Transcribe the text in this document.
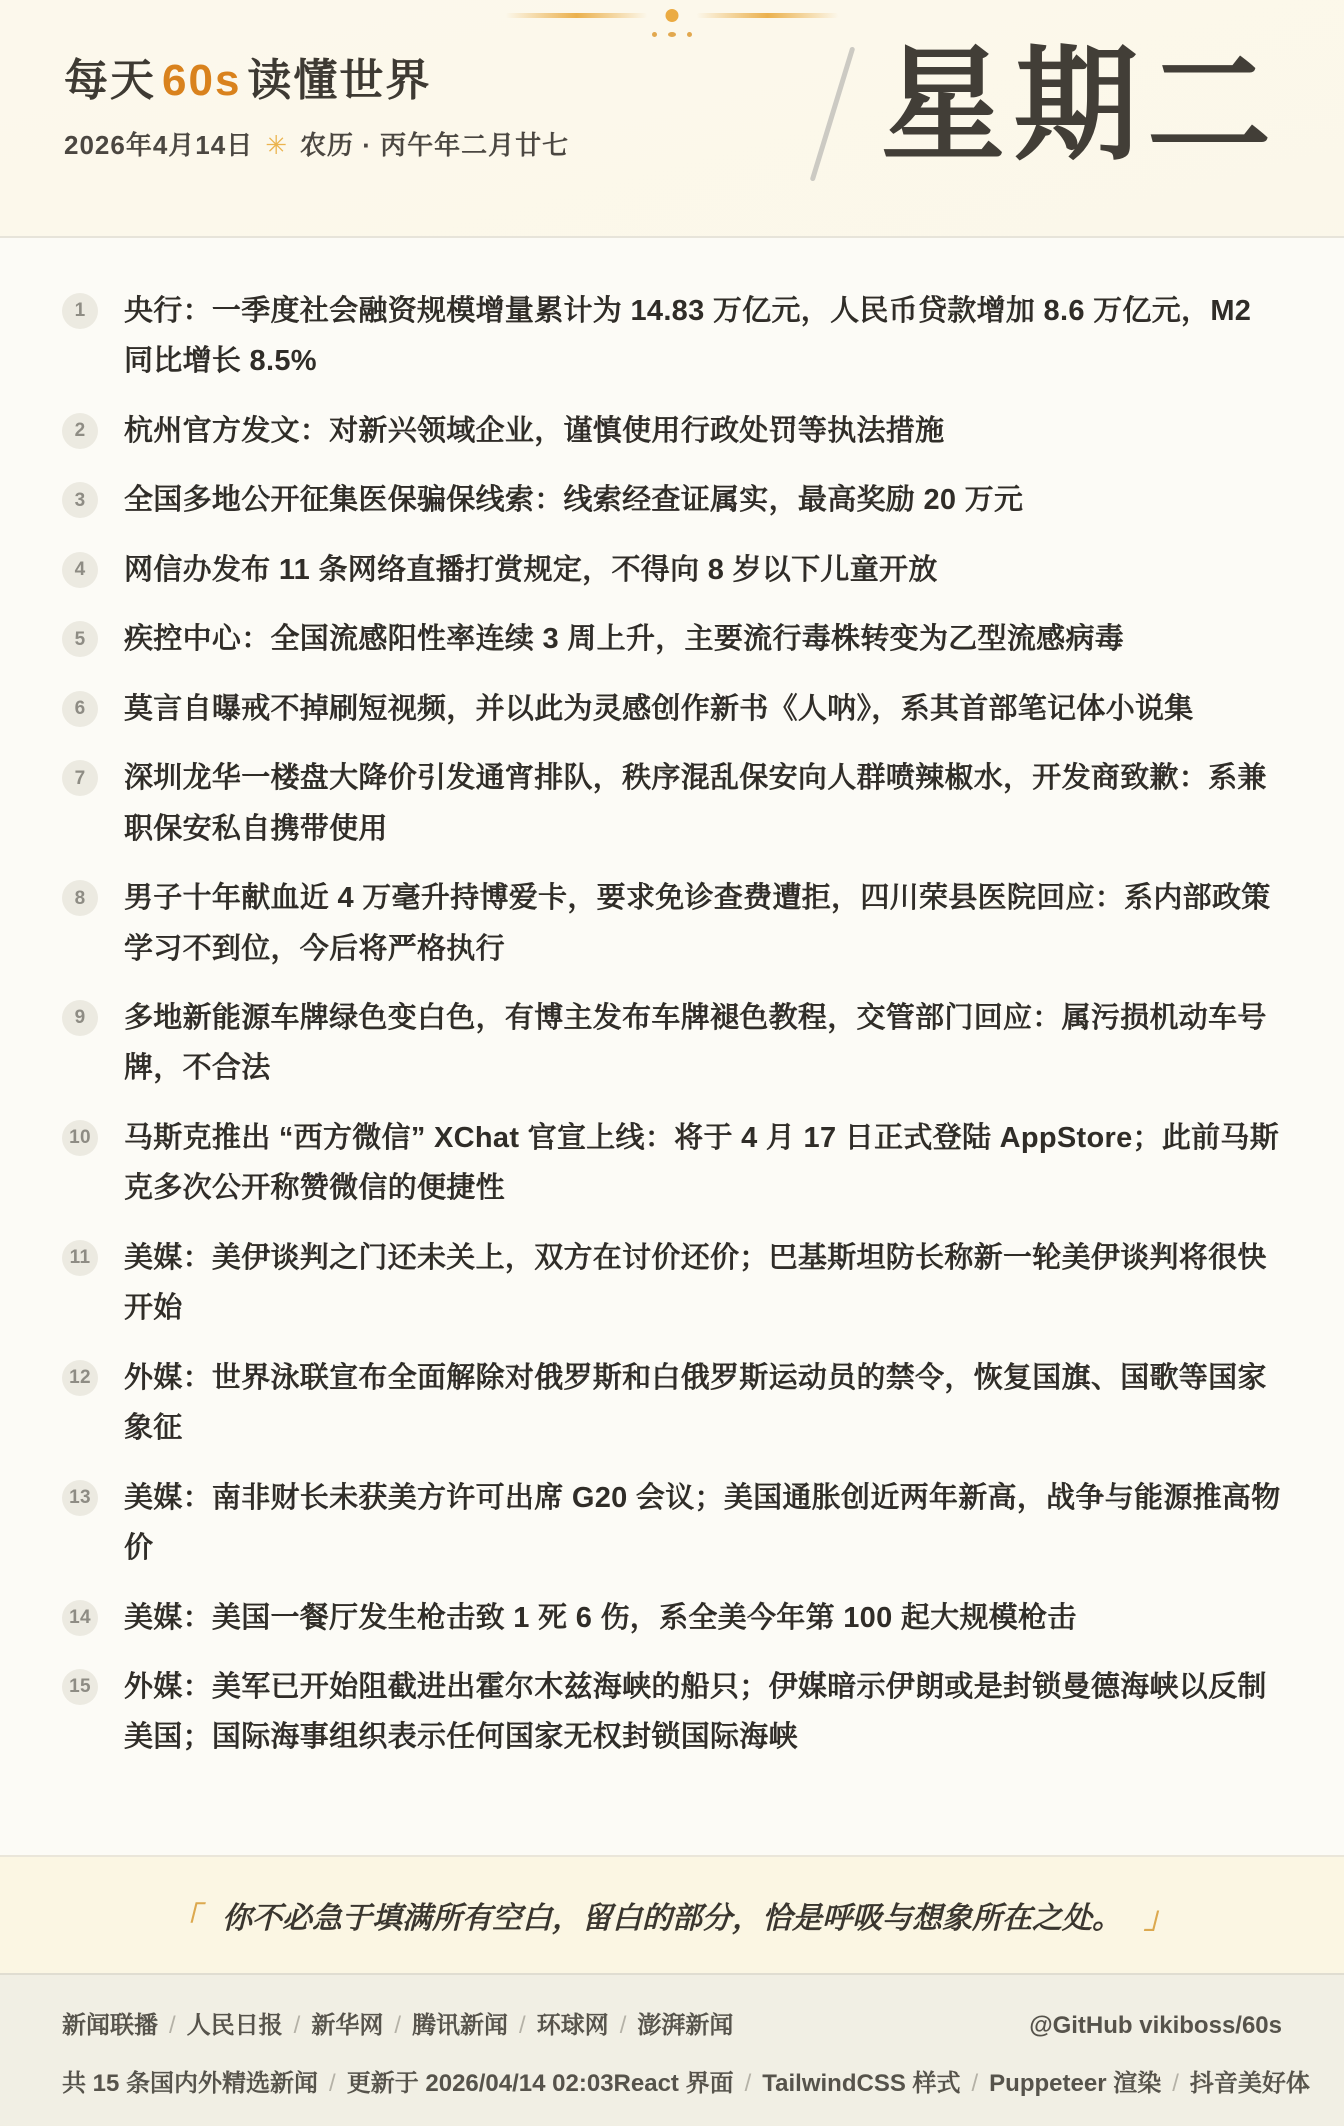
每天 60s 读懂世界
2026年4月14日 ✳ 农历 · 丙午年二月廿七	星期二
1	央行：一季度社会融资规模增量累计为 14.83 万亿元，人民币贷款增加 8.6 万亿元，M2 同比增长 8.5%
2	杭州官方发文：对新兴领域企业，谨慎使用行政处罚等执法措施
3	全国多地公开征集医保骗保线索：线索经查证属实，最高奖励 20 万元
4	网信办发布 11 条网络直播打赏规定，不得向 8 岁以下儿童开放
5	疾控中心：全国流感阳性率连续 3 周上升，主要流行毒株转变为乙型流感病毒
6	莫言自曝戒不掉刷短视频，并以此为灵感创作新书《人呐》，系其首部笔记体小说集
7	深圳龙华一楼盘大降价引发通宵排队，秩序混乱保安向人群喷辣椒水，开发商致歉：系兼职保安私自携带使用
8	男子十年献血近 4 万毫升持博爱卡，要求免诊查费遭拒，四川荣县医院回应：系内部政策学习不到位，今后将严格执行
9	多地新能源车牌绿色变白色，有博主发布车牌褪色教程，交管部门回应：属污损机动车号牌，不合法
10 马斯克推出 “西方微信” XChat 官宣上线：将于 4 月 17 日正式登陆 AppStore；此前马斯克多次公开称赞微信的便捷性
11 美媒：美伊谈判之门还未关上，双方在讨价还价；巴基斯坦防长称新一轮美伊谈判将很快开始
12 外媒：世界泳联宣布全面解除对俄罗斯和白俄罗斯运动员的禁令，恢复国旗、国歌等国家象征
13 美媒：南非财长未获美方许可出席 G20 会议；美国通胀创近两年新高，战争与能源推高物价
14 美媒：美国一餐厅发生枪击致 1 死 6 伤，系全美今年第 100 起大规模枪击
15 外媒：美军已开始阻截进出霍尔木兹海峡的船只；伊媒暗示伊朗或是封锁曼德海峡以反制美国；国际海事组织表示任何国家无权封锁国际海峡
「 你不必急于填满所有空白，留白的部分，恰是呼吸与想象所在之处。 」
新闻联播 / 人民日报 / 新华网 / 腾讯新闻 / 环球网 / 澎湃新闻	@GitHub vikiboss/60s
共 15 条国内外精选新闻 / 更新于 2026/04/14 02:03 React 界面 / TailwindCSS 样式 / Puppeteer 渲染 / 抖音美好体
